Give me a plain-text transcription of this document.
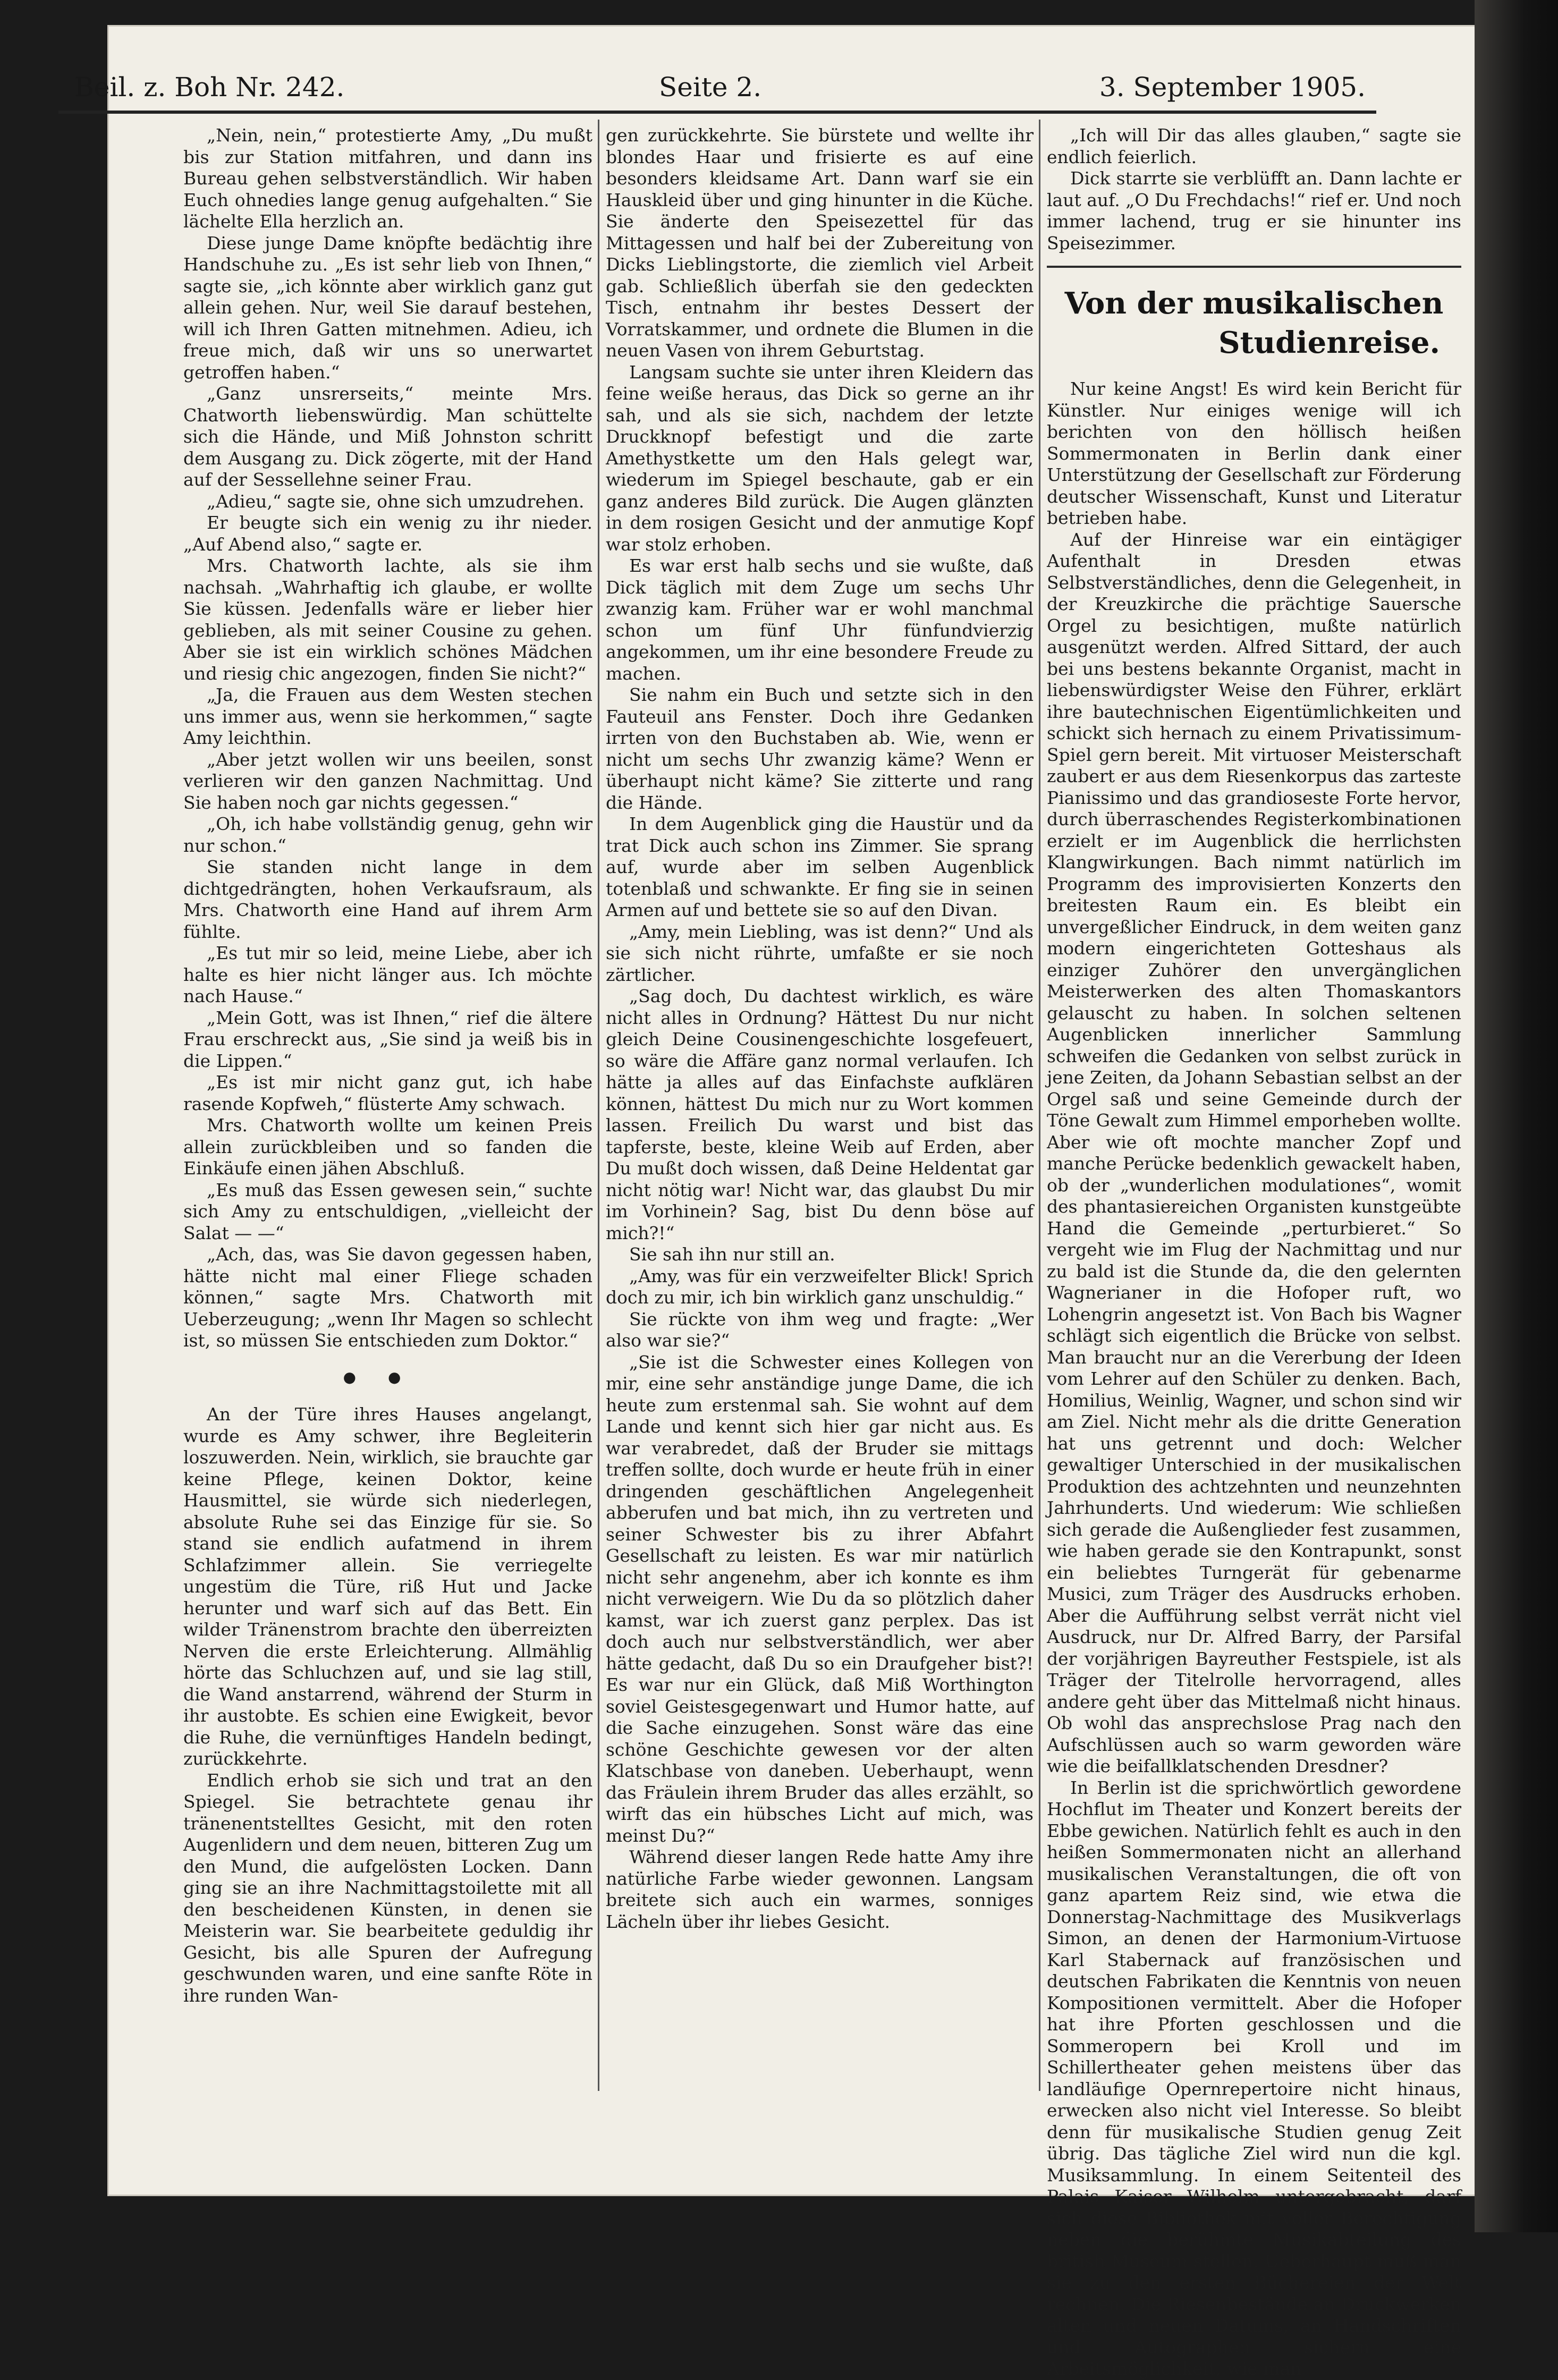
Beil. z. Boh Nr. 242.	Seite 2.	3. September 1905.

„Nein, nein,“ protestierte Amy, „Du mußt bis zur Station mitfahren, und dann ins Bureau gehen selbstverständlich. Wir haben Euch ohnedies lange genug aufgehalten.“ Sie lächelte Ella herzlich an.

Diese junge Dame knöpfte bedächtig ihre Handschuhe zu. „Es ist sehr lieb von Ihnen,“ sagte sie, „ich könnte aber wirklich ganz gut allein gehen. Nur, weil Sie darauf bestehen, will ich Ihren Gatten mitnehmen. Adieu, ich freue mich, daß wir uns so unerwartet getroffen haben.“

„Ganz unsrerseits,“ meinte Mrs. Chatworth liebenswürdig. Man schüttelte sich die Hände, und Miß Johnston schritt dem Ausgang zu. Dick zögerte, mit der Hand auf der Sessellehne seiner Frau.

„Adieu,“ sagte sie, ohne sich umzudrehen.

Er beugte sich ein wenig zu ihr nieder. „Auf Abend also,“ sagte er.

Mrs. Chatworth lachte, als sie ihm nachsah. „Wahrhaftig ich glaube, er wollte Sie küssen. Jedenfalls wäre er lieber hier geblieben, als mit seiner Cousine zu gehen. Aber sie ist ein wirklich schönes Mädchen und riesig chic angezogen, finden Sie nicht?“

„Ja, die Frauen aus dem Westen stechen uns immer aus, wenn sie herkommen,“ sagte Amy leichthin.

„Aber jetzt wollen wir uns beeilen, sonst verlieren wir den ganzen Nachmittag. Und Sie haben noch gar nichts gegessen.“

„Oh, ich habe vollständig genug, gehn wir nur schon.“

Sie standen nicht lange in dem dichtgedrängten, hohen Verkaufsraum, als Mrs. Chatworth eine Hand auf ihrem Arm fühlte.

„Es tut mir so leid, meine Liebe, aber ich halte es hier nicht länger aus. Ich möchte nach Hause.“

„Mein Gott, was ist Ihnen,“ rief die ältere Frau erschreckt aus, „Sie sind ja weiß bis in die Lippen.“

„Es ist mir nicht ganz gut, ich habe rasende Kopfweh,“ flüsterte Amy schwach.

Mrs. Chatworth wollte um keinen Preis allein zurückbleiben und so fanden die Einkäufe einen jähen Abschluß.

„Es muß das Essen gewesen sein,“ suchte sich Amy zu entschuldigen, „vielleicht der Salat — —“

„Ach, das, was Sie davon gegessen haben, hätte nicht mal einer Fliege schaden können,“ sagte Mrs. Chatworth mit Ueberzeugung; „wenn Ihr Magen so schlecht ist, so müssen Sie entschieden zum Doktor.“

●●

An der Türe ihres Hauses angelangt, wurde es Amy schwer, ihre Begleiterin loszuwerden. Nein, wirklich, sie brauchte gar keine Pflege, keinen Doktor, keine Hausmittel, sie würde sich niederlegen, absolute Ruhe sei das Einzige für sie. So stand sie endlich aufatmend in ihrem Schlafzimmer allein. Sie verriegelte ungestüm die Türe, riß Hut und Jacke herunter und warf sich auf das Bett. Ein wilder Tränenstrom brachte den überreizten Nerven die erste Erleichterung. Allmählig hörte das Schluchzen auf, und sie lag still, die Wand anstarrend, während der Sturm in ihr austobte. Es schien eine Ewigkeit, bevor die Ruhe, die vernünftiges Handeln bedingt, zurückkehrte.

Endlich erhob sie sich und trat an den Spiegel. Sie betrachtete genau ihr tränenentstelltes Gesicht, mit den roten Augenlidern und dem neuen, bitteren Zug um den Mund, die aufgelösten Locken. Dann ging sie an ihre Nachmittagstoilette mit all den bescheidenen Künsten, in denen sie Meisterin war. Sie bearbeitete geduldig ihr Gesicht, bis alle Spuren der Aufregung geschwunden waren, und eine sanfte Röte in ihre runden Wan-

gen zurückkehrte. Sie bürstete und wellte ihr blondes Haar und frisierte es auf eine besonders kleidsame Art. Dann warf sie ein Hauskleid über und ging hinunter in die Küche. Sie änderte den Speisezettel für das Mittagessen und half bei der Zubereitung von Dicks Lieblingstorte, die ziemlich viel Arbeit gab. Schließlich überfah sie den gedeckten Tisch, entnahm ihr bestes Dessert der Vorratskammer, und ordnete die Blumen in die neuen Vasen von ihrem Geburtstag.

Langsam suchte sie unter ihren Kleidern das feine weiße heraus, das Dick so gerne an ihr sah, und als sie sich, nachdem der letzte Druckknopf befestigt und die zarte Amethystkette um den Hals gelegt war, wiederum im Spiegel beschaute, gab er ein ganz anderes Bild zurück. Die Augen glänzten in dem rosigen Gesicht und der anmutige Kopf war stolz erhoben.

Es war erst halb sechs und sie wußte, daß Dick täglich mit dem Zuge um sechs Uhr zwanzig kam. Früher war er wohl manchmal schon um fünf Uhr fünfundvierzig angekommen, um ihr eine besondere Freude zu machen.

Sie nahm ein Buch und setzte sich in den Fauteuil ans Fenster. Doch ihre Gedanken irrten von den Buchstaben ab. Wie, wenn er nicht um sechs Uhr zwanzig käme? Wenn er überhaupt nicht käme? Sie zitterte und rang die Hände.

In dem Augenblick ging die Haustür und da trat Dick auch schon ins Zimmer. Sie sprang auf, wurde aber im selben Augenblick totenblaß und schwankte. Er fing sie in seinen Armen auf und bettete sie so auf den Divan.

„Amy, mein Liebling, was ist denn?“ Und als sie sich nicht rührte, umfaßte er sie noch zärtlicher.

„Sag doch, Du dachtest wirklich, es wäre nicht alles in Ordnung? Hättest Du nur nicht gleich Deine Cousinengeschichte losgefeuert, so wäre die Affäre ganz normal verlaufen. Ich hätte ja alles auf das Einfachste aufklären können, hättest Du mich nur zu Wort kommen lassen. Freilich Du warst und bist das tapferste, beste, kleine Weib auf Erden, aber Du mußt doch wissen, daß Deine Heldentat gar nicht nötig war! Nicht war, das glaubst Du mir im Vorhinein? Sag, bist Du denn böse auf mich?!“

Sie sah ihn nur still an.

„Amy, was für ein verzweifelter Blick! Sprich doch zu mir, ich bin wirklich ganz unschuldig.“

Sie rückte von ihm weg und fragte: „Wer also war sie?“

„Sie ist die Schwester eines Kollegen von mir, eine sehr anständige junge Dame, die ich heute zum erstenmal sah. Sie wohnt auf dem Lande und kennt sich hier gar nicht aus. Es war verabredet, daß der Bruder sie mittags treffen sollte, doch wurde er heute früh in einer dringenden geschäftlichen Angelegenheit abberufen und bat mich, ihn zu vertreten und seiner Schwester bis zu ihrer Abfahrt Gesellschaft zu leisten. Es war mir natürlich nicht sehr angenehm, aber ich konnte es ihm nicht verweigern. Wie Du da so plötzlich daher kamst, war ich zuerst ganz perplex. Das ist doch auch nur selbstverständlich, wer aber hätte gedacht, daß Du so ein Draufgeher bist?! Es war nur ein Glück, daß Miß Worthington soviel Geistesgegenwart und Humor hatte, auf die Sache einzugehen. Sonst wäre das eine schöne Geschichte gewesen vor der alten Klatschbase von daneben. Ueberhaupt, wenn das Fräulein ihrem Bruder das alles erzählt, so wirft das ein hübsches Licht auf mich, was meinst Du?“

Während dieser langen Rede hatte Amy ihre natürliche Farbe wieder gewonnen. Langsam breitete sich auch ein warmes, sonniges Lächeln über ihr liebes Gesicht.

„Ich will Dir das alles glauben,“ sagte sie endlich feierlich.

Dick starrte sie verblüfft an. Dann lachte er laut auf. „O Du Frechdachs!“ rief er. Und noch immer lachend, trug er sie hinunter ins Speisezimmer.

Von der musikalischen
Studienreise.

Nur keine Angst! Es wird kein Bericht für Künstler. Nur einiges wenige will ich berichten von den höllisch heißen Sommermonaten in Berlin dank einer Unterstützung der Gesellschaft zur Förderung deutscher Wissenschaft, Kunst und Literatur betrieben habe.

Auf der Hinreise war ein eintägiger Aufenthalt in Dresden etwas Selbstverständliches, denn die Gelegenheit, in der Kreuzkirche die prächtige Sauersche Orgel zu besichtigen, mußte natürlich ausgenützt werden. Alfred Sittard, der auch bei uns bestens bekannte Organist, macht in liebenswürdigster Weise den Führer, erklärt ihre bautechnischen Eigentümlichkeiten und schickt sich hernach zu einem Privatissimum-Spiel gern bereit. Mit virtuoser Meisterschaft zaubert er aus dem Riesenkorpus das zarteste Pianissimo und das grandioseste Forte hervor, durch überraschendes Registerkombinationen erzielt er im Augenblick die herrlichsten Klangwirkungen. Bach nimmt natürlich im Programm des improvisierten Konzerts den breitesten Raum ein. Es bleibt ein unvergeßlicher Eindruck, in dem weiten ganz modern eingerichteten Gotteshaus als einziger Zuhörer den unvergänglichen Meisterwerken des alten Thomaskantors gelauscht zu haben. In solchen seltenen Augenblicken innerlicher Sammlung schweifen die Gedanken von selbst zurück in jene Zeiten, da Johann Sebastian selbst an der Orgel saß und seine Gemeinde durch der Töne Gewalt zum Himmel emporheben wollte. Aber wie oft mochte mancher Zopf und manche Perücke bedenklich gewackelt haben, ob der „wunderlichen modulationes“, womit des phantasiereichen Organisten kunstgeübte Hand die Gemeinde „perturbieret.“ So vergeht wie im Flug der Nachmittag und nur zu bald ist die Stunde da, die den gelernten Wagnerianer in die Hofoper ruft, wo Lohengrin angesetzt ist. Von Bach bis Wagner schlägt sich eigentlich die Brücke von selbst. Man braucht nur an die Vererbung der Ideen vom Lehrer auf den Schüler zu denken. Bach, Homilius, Weinlig, Wagner, und schon sind wir am Ziel. Nicht mehr als die dritte Generation hat uns getrennt und doch: Welcher gewaltiger Unterschied in der musikalischen Produktion des achtzehnten und neunzehnten Jahrhunderts. Und wiederum: Wie schließen sich gerade die Außenglieder fest zusammen, wie haben gerade sie den Kontrapunkt, sonst ein beliebtes Turngerät für gebenarme Musici, zum Träger des Ausdrucks erhoben. Aber die Aufführung selbst verrät nicht viel Ausdruck, nur Dr. Alfred Barry, der Parsifal der vorjährigen Bayreuther Festspiele, ist als Träger der Titelrolle hervorragend, alles andere geht über das Mittelmaß nicht hinaus. Ob wohl das ansprechslose Prag nach den Aufschlüssen auch so warm geworden wäre wie die beifallklatschenden Dresdner?

In Berlin ist die sprichwörtlich gewordene Hochflut im Theater und Konzert bereits der Ebbe gewichen. Natürlich fehlt es auch in den heißen Sommermonaten nicht an allerhand musikalischen Veranstaltungen, die oft von ganz apartem Reiz sind, wie etwa die Donnerstag-Nachmittage des Musikverlags Simon, an denen der Harmonium-Virtuose Karl Stabernack auf französischen und deutschen Fabrikaten die Kenntnis von neuen Kompositionen vermittelt. Aber die Hofoper hat ihre Pforten geschlossen und die Sommeropern bei Kroll und im Schillertheater gehen meistens über das landläufige Opernrepertoire nicht hinaus, erwecken also nicht viel Interesse. So bleibt denn für musikalische Studien genug Zeit übrig. Das tägliche Ziel wird nun die kgl. Musiksammlung. In einem Seitenteil des Palais Kaiser Wilhelm untergebracht, darf sich diese Bibliothek mit voller Berechtigung neben die berühmte Musikabteilung des british Museum stellen. Ueberhaupt muß man sie zu den ersten Büchereien der Welt rechnen. Die Riesenbestände an Druckwerken alten und neuen Datums, an Handschriften und Autographen sichern eine Arbeitsmöglichkeit, wie man
